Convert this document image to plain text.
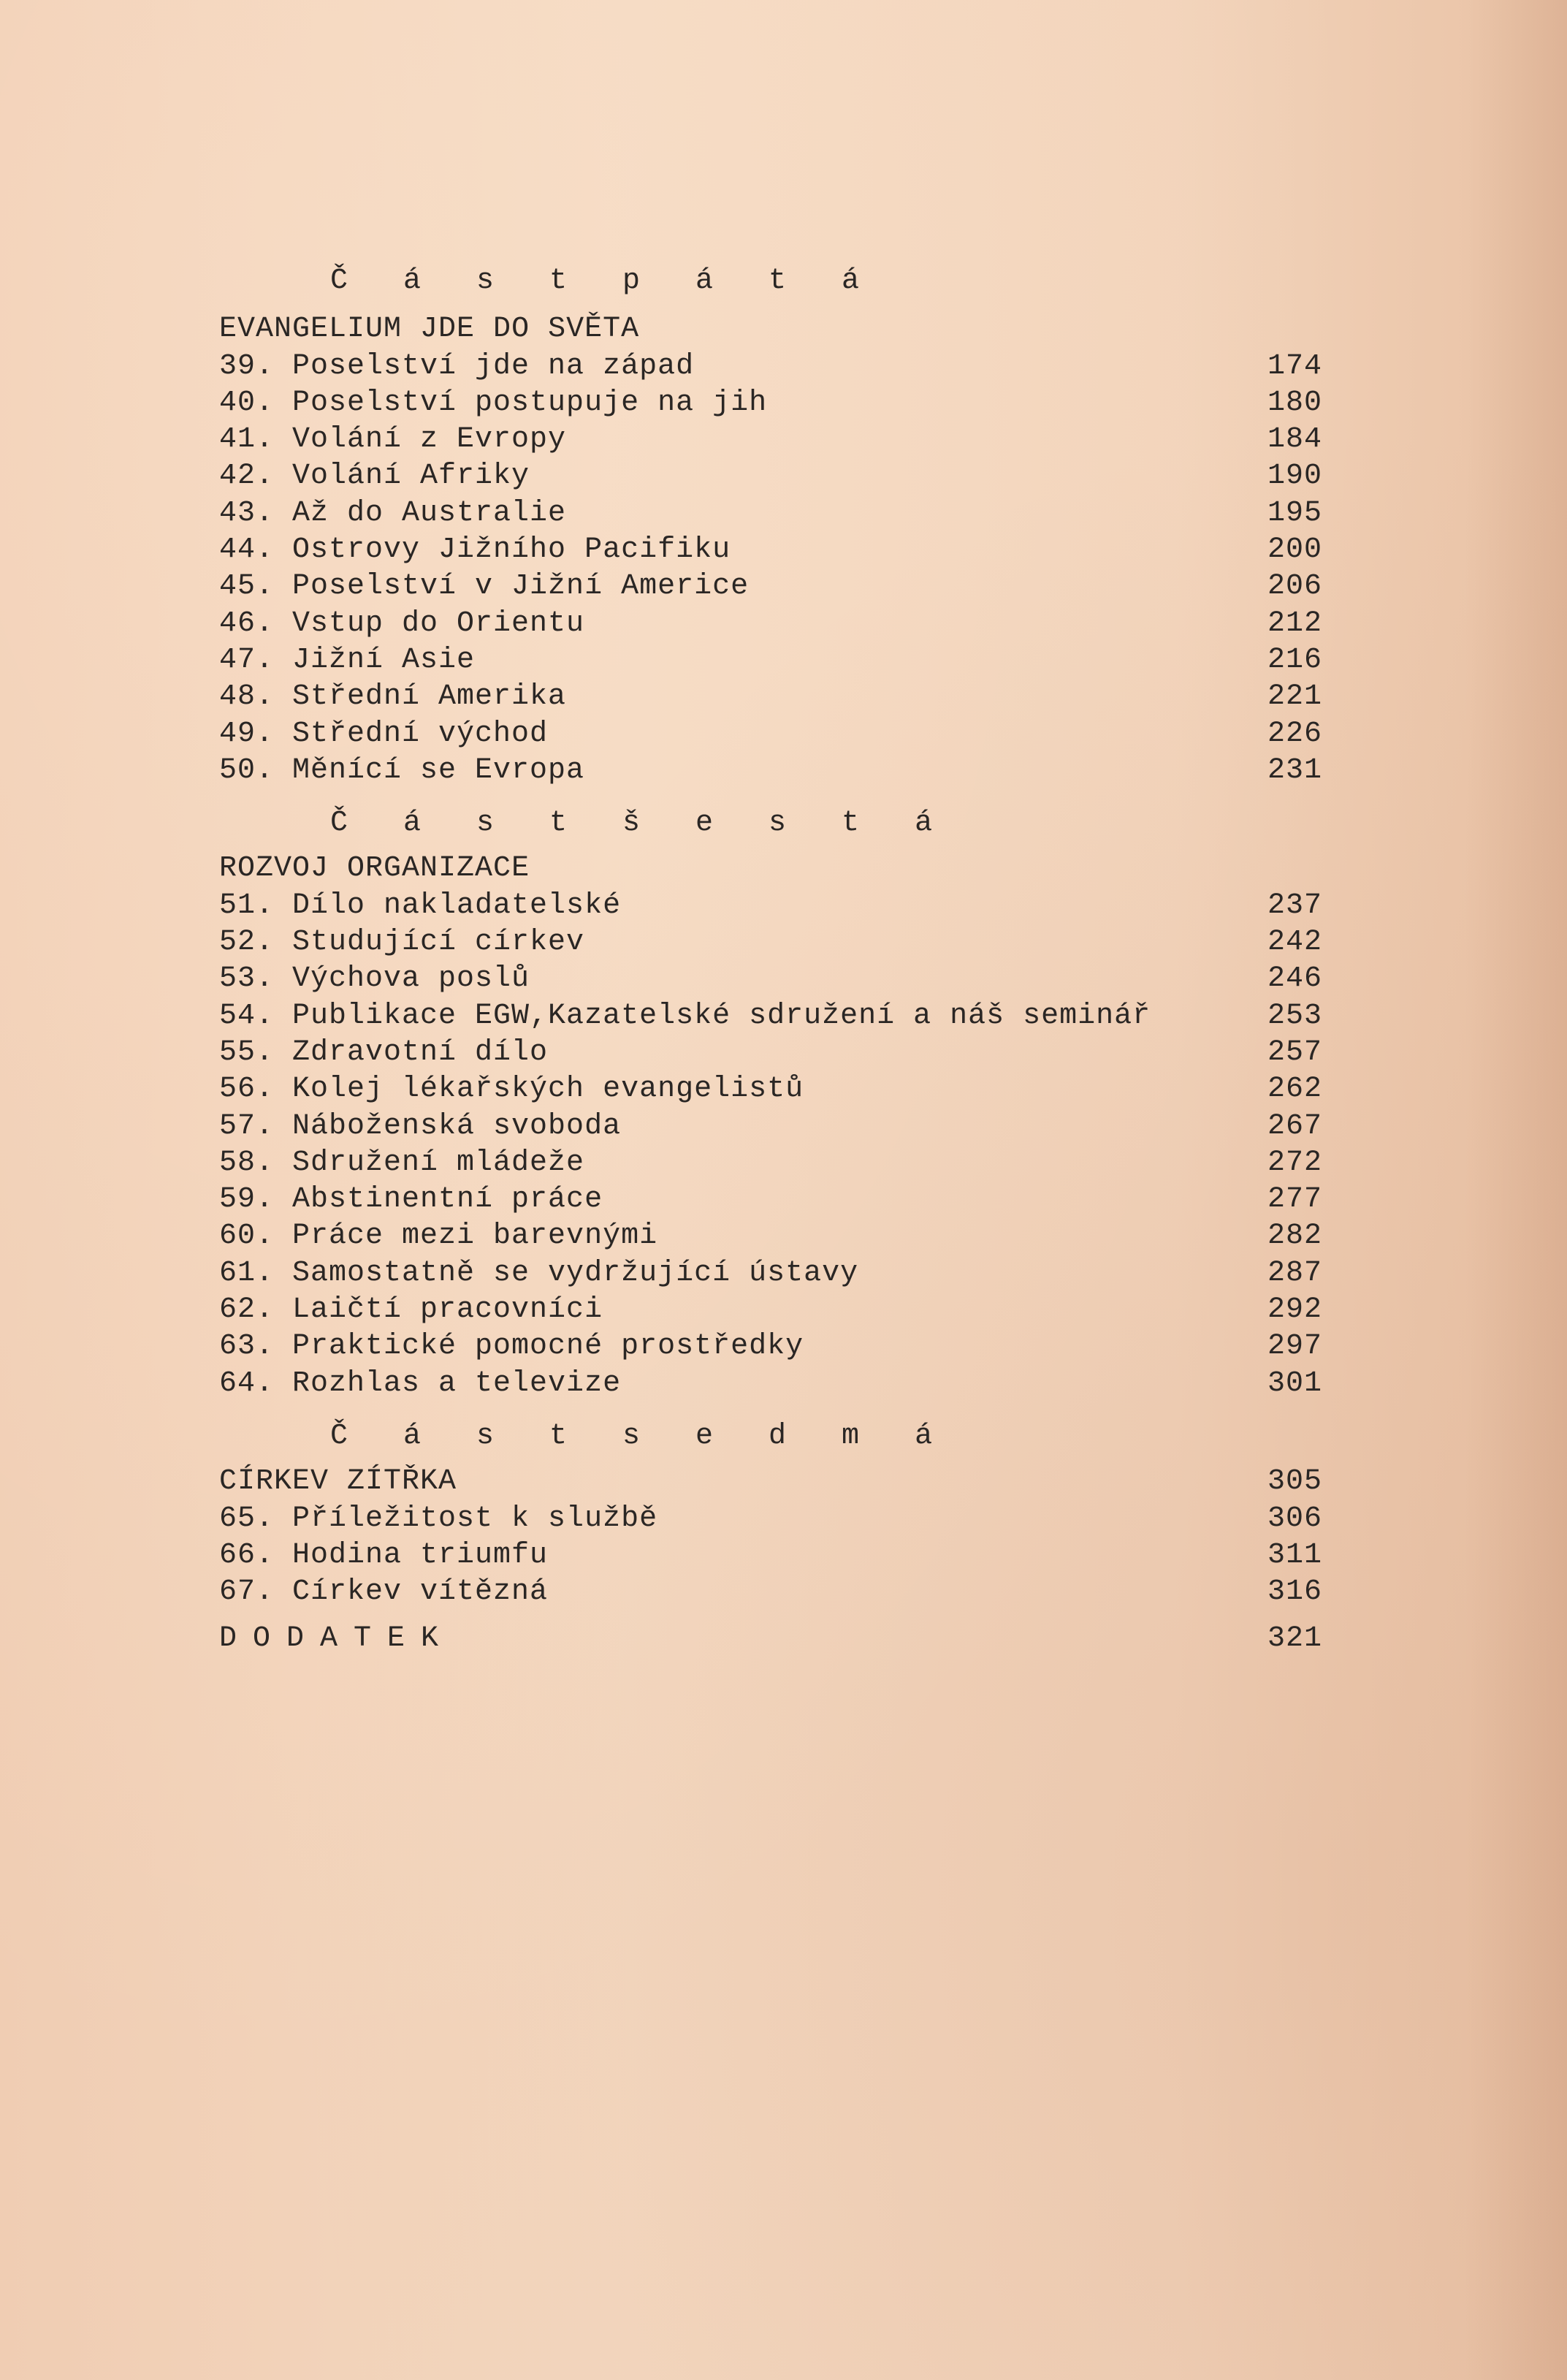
Č á s t p á t á
EVANGELIUM JDE DO SVĚTA
39. Poselství jde na západ	174
40. Poselství postupuje na jih	180
41. Volání z Evropy	184
42. Volání Afriky	190
43. Až do Australie	195
44. Ostrovy Jižního Pacifiku	200
45. Poselství v Jižní Americe	206
46. Vstup do Orientu	212
47. Jižní Asie	216
48. Střední Amerika	221
49. Střední východ	226
50. Měnící se Evropa	231
Č á s t š e s t á
ROZVOJ ORGANIZACE
51. Dílo nakladatelské	237
52. Studující církev	242
53. Výchova poslů	246
54. Publikace EGW,Kazatelské sdružení a náš seminář	253
55. Zdravotní dílo	257
56. Kolej lékařských evangelistů	262
57. Náboženská svoboda	267
58. Sdružení mládeže	272
59. Abstinentní práce	277
60. Práce mezi barevnými	282
61. Samostatně se vydržující ústavy	287
62. Laičtí pracovníci	292
63. Praktické pomocné prostředky	297
64. Rozhlas a televize	301
Č á s t s e d m á
CÍRKEV ZÍTŘKA	305
65. Příležitost k službě	306
66. Hodina triumfu	311
67. Církev vítězná	316
DODATEK	321
